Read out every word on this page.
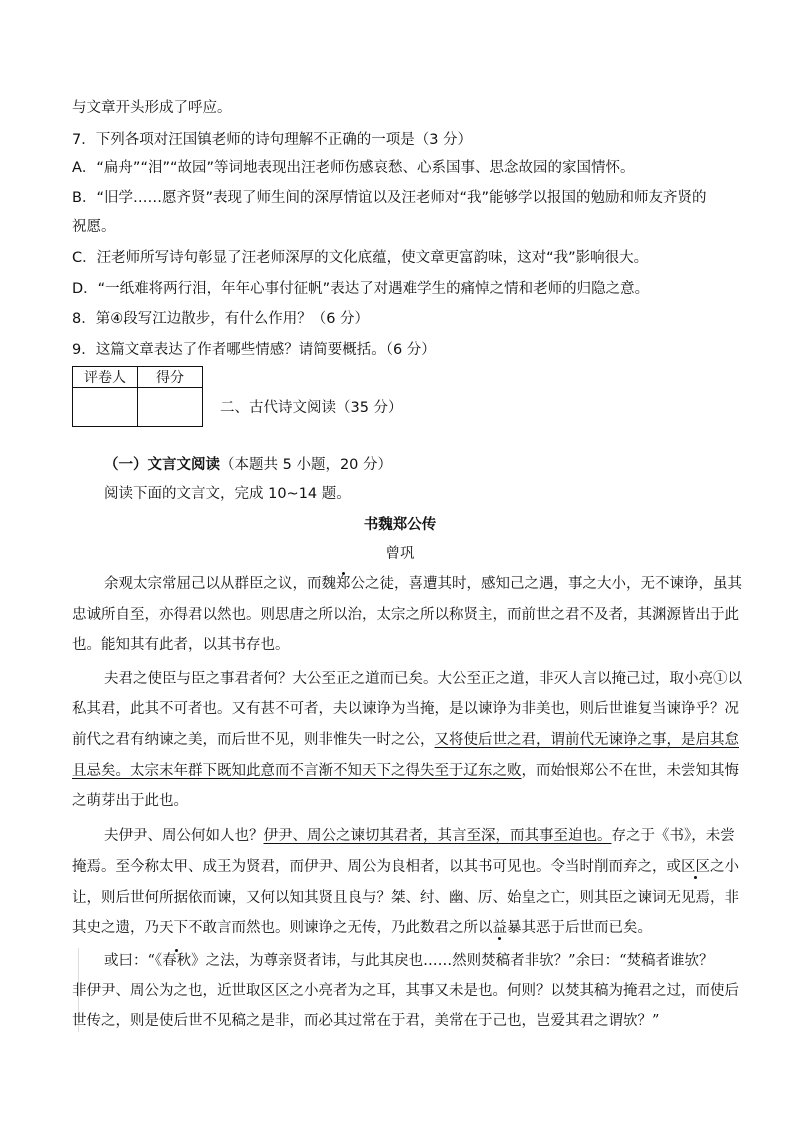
与文章开头形成了呼应。
7．下列各项对汪国镇老师的诗句理解不正确的一项是（3 分）
A．“扁舟”“泪”“故园”等词地表现出汪老师伤感哀愁、心系国事、思念故园的家国情怀。
B．“旧学……愿齐贤”表现了师生间的深厚情谊以及汪老师对“我”能够学以报国的勉励和师友齐贤的
祝愿。
C．汪老师所写诗句彰显了汪老师深厚的文化底蕴，使文章更富韵味，这对“我”影响很大。
D．“一纸难将两行泪，年年心事付征帆”表达了对遇难学生的痛悼之情和老师的归隐之意。
8．第④段写江边散步，有什么作用？（6 分）
9．这篇文章表达了作者哪些情感？请简要概括。（6 分）
评卷人	得分

二、古代诗文阅读（35 分）
（一）文言文阅读（本题共 5 小题，20 分）
阅读下面的文言文，完成 10~14 题。
书魏郑公传
曾巩
余观太宗常屈己以从群臣之议，而魏郑公之徒，喜遭其时，感知己之遇，事之大小，无不谏诤，虽其
忠诚所自至，亦得君以然也。则思唐之所以治，太宗之所以称贤主，而前世之君不及者，其渊源皆出于此
也。能知其有此者，以其书存也。
夫君之使臣与臣之事君者何？大公至正之道而已矣。大公至正之道，非灭人言以掩己过，取小亮①以
私其君，此其不可者也。又有甚不可者，夫以谏诤为当掩，是以谏诤为非美也，则后世谁复当谏诤乎？况
前代之君有纳谏之美，而后世不见，则非惟失一时之公，又将使后世之君，谓前代无谏诤之事，是启其怠
且忌矣。太宗末年群下既知此意而不言渐不知天下之得失至于辽东之败，而始恨郑公不在世，未尝知其悔
之萌芽出于此也。
夫伊尹、周公何如人也？伊尹、周公之谏切其君者，其言至深，而其事至迫也。存之于《书》，未尝
掩焉。至今称太甲、成王为贤君，而伊尹、周公为良相者，以其书可见也。令当时削而弃之，或区区之小
让，则后世何所据依而谏，又何以知其贤且良与？桀、纣、幽、厉、始皇之亡，则其臣之谏词无见焉，非
其史之遗，乃天下不敢言而然也。则谏诤之无传，乃此数君之所以益暴其恶于后世而已矣。
或曰：“《春秋》之法，为尊亲贤者讳，与此其戾也……然则焚稿者非欤？”余曰：“焚稿者谁欤？
非伊尹、周公为之也，近世取区区之小亮者为之耳，其事又未是也。何则？以焚其稿为掩君之过，而使后
世传之，则是使后世不见稿之是非，而必其过常在于君，美常在于己也，岂爱其君之谓欤？”
